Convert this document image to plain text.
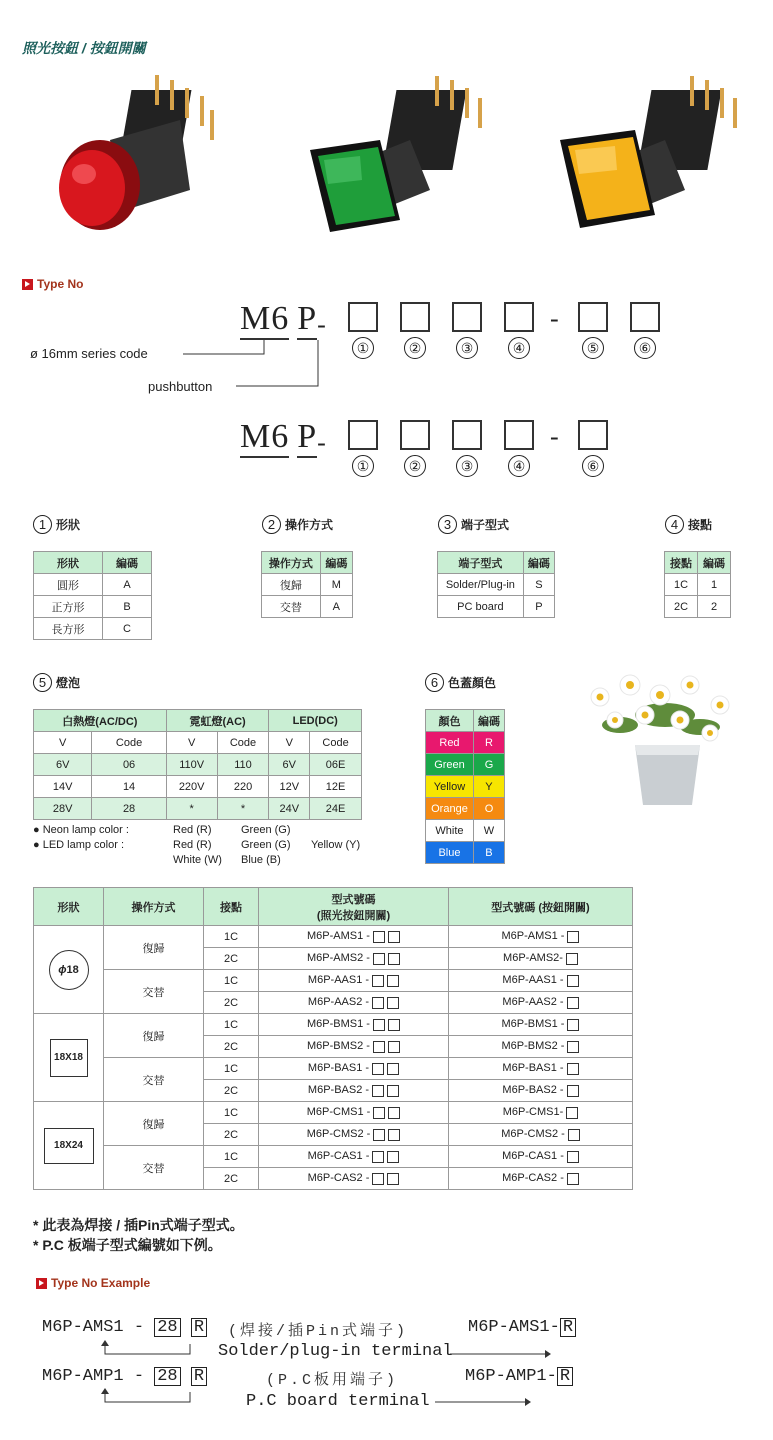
照光按鈕 / 按鈕開關
Type No
M6 P -	-
①	②	③	④	⑤	⑥
ø 16mm series code
pushbutton
M6 P -	-
①	②	③	④	⑥
1 形狀
形狀	編碼
圓形	A
正方形	B
長方形	C
2 操作方式
操作方式	編碼
復歸	M
交替	A
3 端子型式
端子型式	編碼
Solder/Plug-in	S
PC board	P
4 接點
接點	編碼
1C	1
2C	2
5 燈泡
白熱燈(AC/DC)		霓虹燈(AC)		LED(DC)	
V	Code	V	Code	V	Code
6V	06	110V	110	6V	06E
14V	14	220V	220	12V	12E
28V	28	*	*	24V	24E
● Neon lamp color :	Red (R)	Green (G)
● LED lamp color :	Red (R)	Green (G) Yellow (Y)
White (W) Blue (B)
6 色蓋顏色
顏色	編碼
Red	R
Green	G
Yellow	Y
Orange	O
White	W
Blue	B
形狀	操作方式	接點	型式號碼
(照光按鈕開關)	型式號碼 (按鈕開關)
ϕ18	復歸	1C	M6P-AMS1 -	M6P-AMS1 -
		2C	M6P-AMS2 -	M6P-AMS2-
	交替	1C	M6P-AAS1 -	M6P-AAS1 -
		2C	M6P-AAS2 -	M6P-AAS2 -
18X18	復歸	1C	M6P-BMS1 -	M6P-BMS1 -
		2C	M6P-BMS2 -	M6P-BMS2 -
	交替	1C	M6P-BAS1 -	M6P-BAS1 -
		2C	M6P-BAS2 -	M6P-BAS2 -
18X24	復歸	1C	M6P-CMS1 -	M6P-CMS1-
		2C	M6P-CMS2 -	M6P-CMS2 -
	交替	1C	M6P-CAS1 -	M6P-CAS1 -
		2C	M6P-CAS2 -	M6P-CAS2 -
* 此表為焊接 / 插Pin式端子型式。
* P.C 板端子型式編號如下例。
Type No Example
M6P-AMS1 - 28 R (焊接/插Pin式端子)	M6P-AMS1- R
Solder/plug-in terminal
M6P-AMP1 - 28 R	(P.C板用端子)	M6P-AMP1- R
P.C board terminal
